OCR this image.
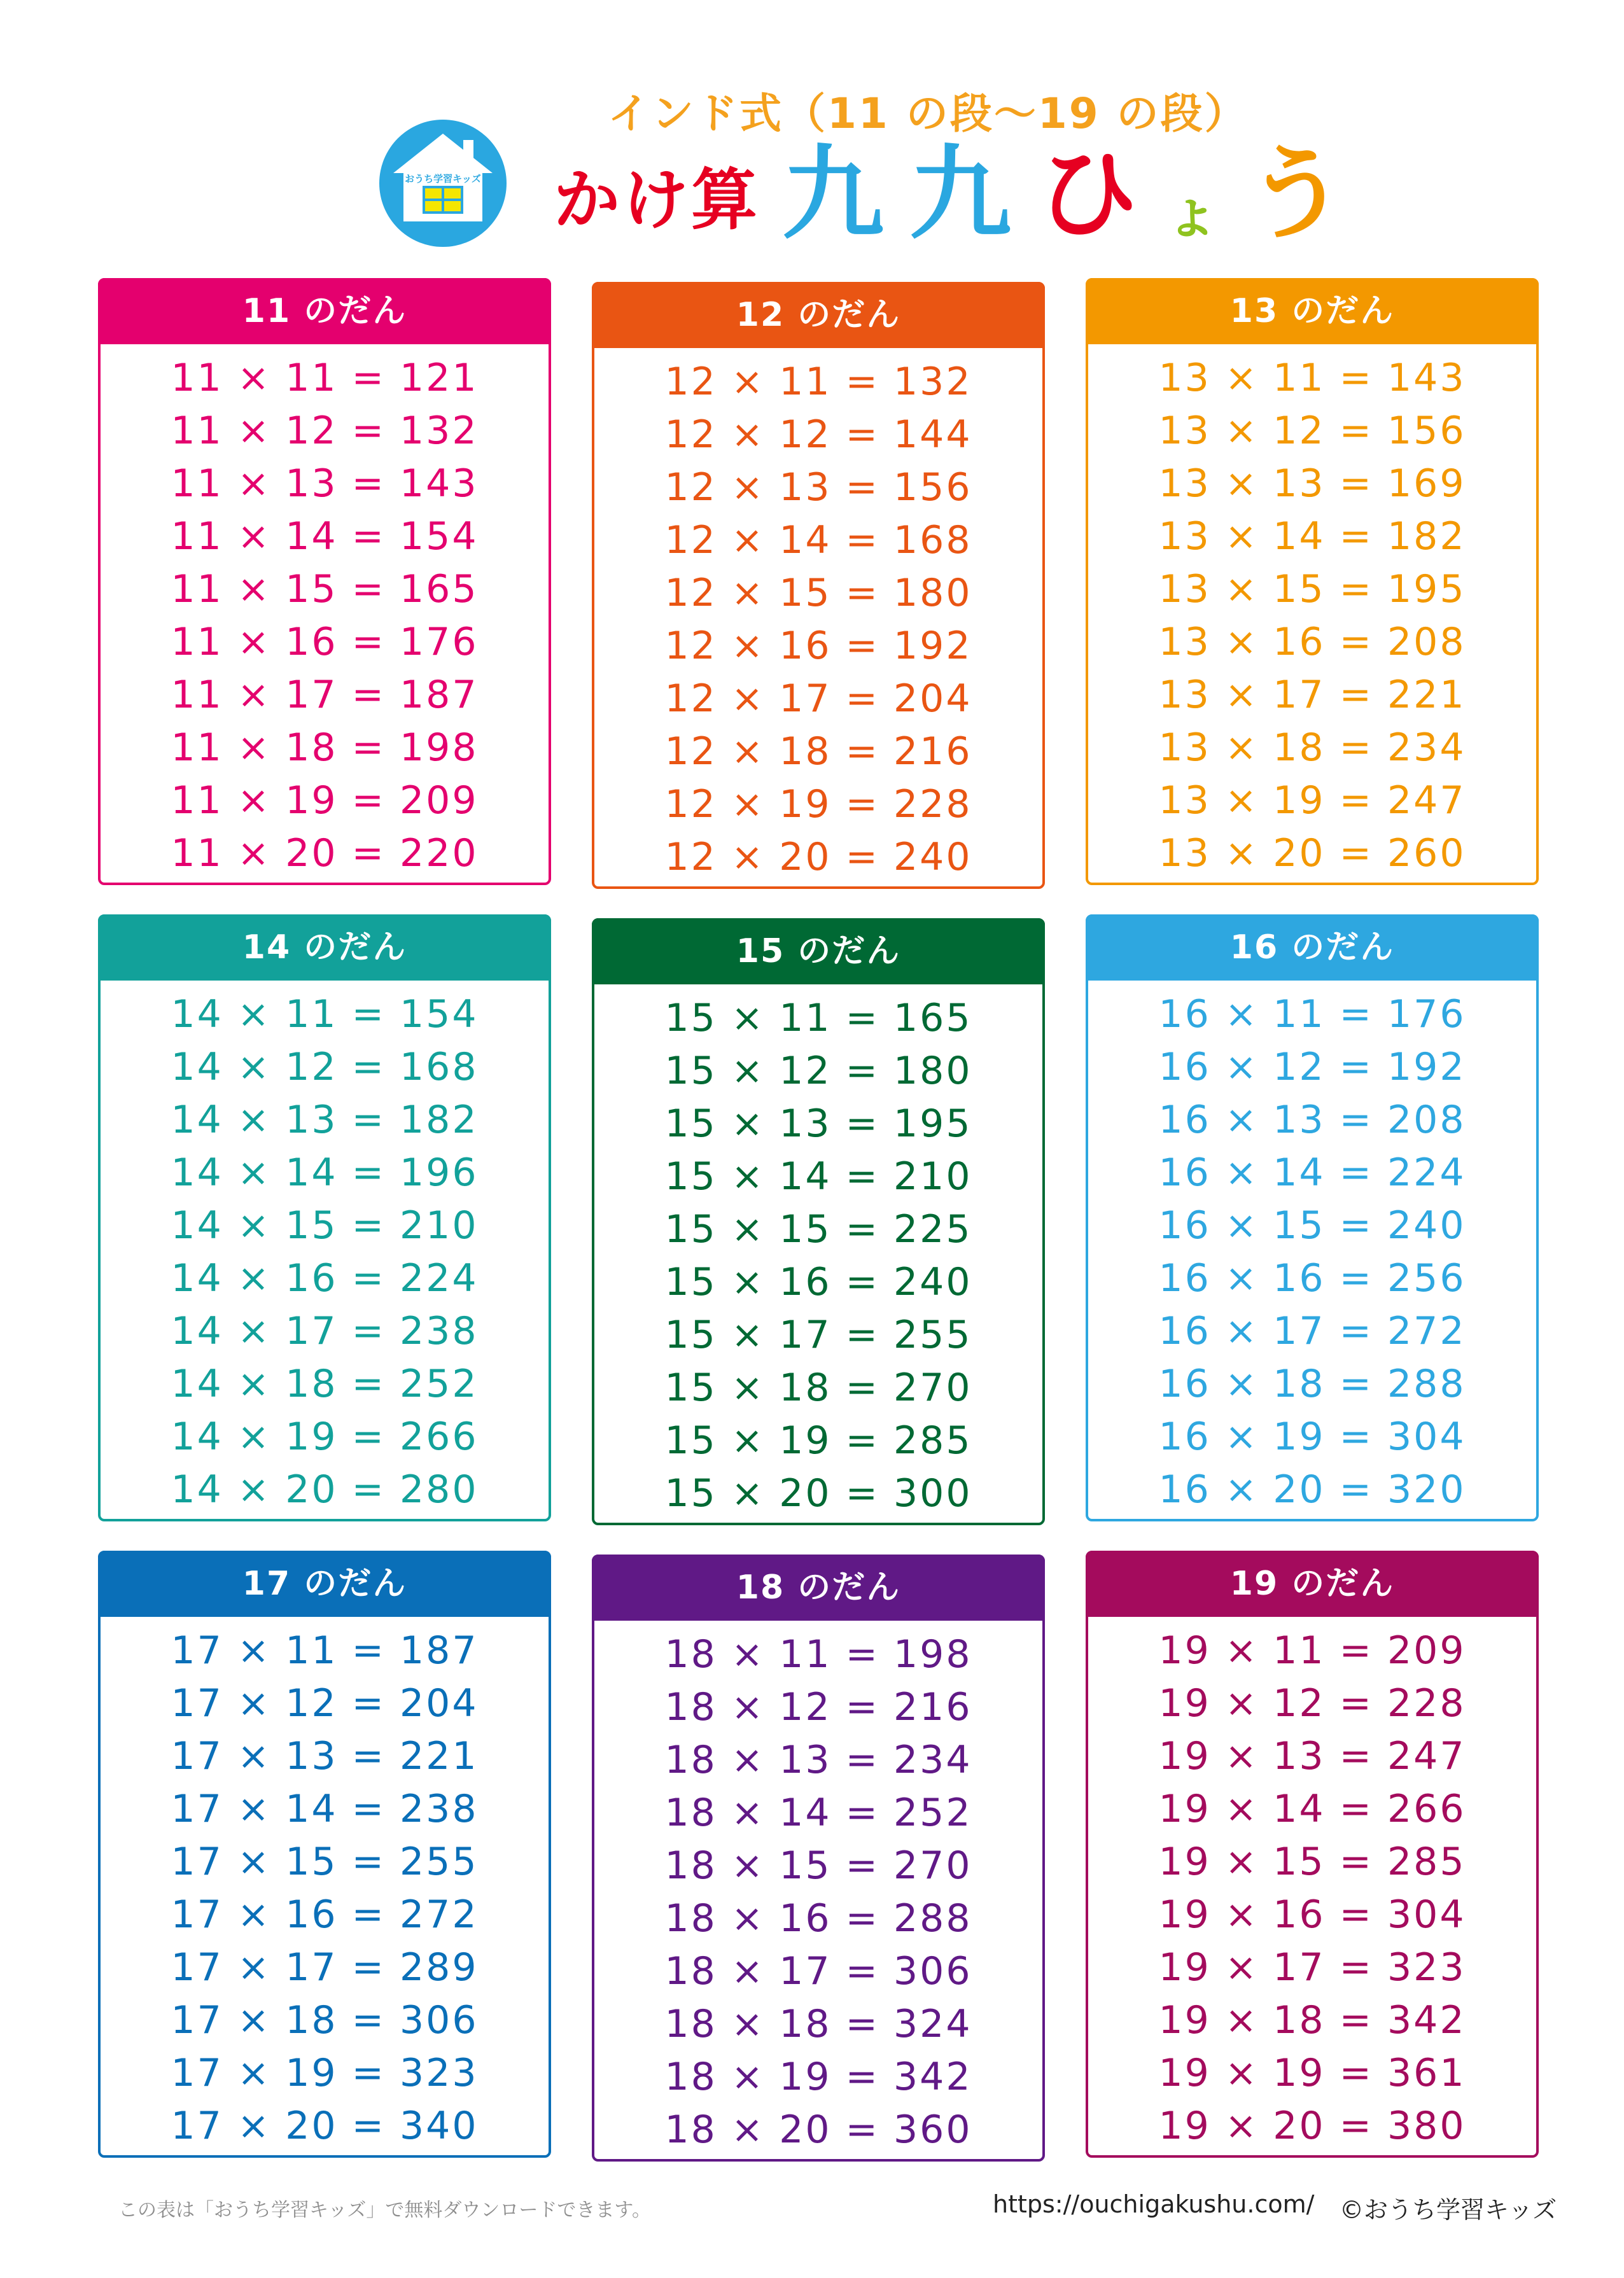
おうち学習キッズ
インド式（11 の段〜19 の段）
かけ算 九 九 ひ ょ う
11 のだん
11 × 11 = 121
11 × 12 = 132
11 × 13 = 143
11 × 14 = 154
11 × 15 = 165
11 × 16 = 176
11 × 17 = 187
11 × 18 = 198
11 × 19 = 209
11 × 20 = 220
12 のだん
12 × 11 = 132
12 × 12 = 144
12 × 13 = 156
12 × 14 = 168
12 × 15 = 180
12 × 16 = 192
12 × 17 = 204
12 × 18 = 216
12 × 19 = 228
12 × 20 = 240
13 のだん
13 × 11 = 143
13 × 12 = 156
13 × 13 = 169
13 × 14 = 182
13 × 15 = 195
13 × 16 = 208
13 × 17 = 221
13 × 18 = 234
13 × 19 = 247
13 × 20 = 260
14 のだん
14 × 11 = 154
14 × 12 = 168
14 × 13 = 182
14 × 14 = 196
14 × 15 = 210
14 × 16 = 224
14 × 17 = 238
14 × 18 = 252
14 × 19 = 266
14 × 20 = 280
15 のだん
15 × 11 = 165
15 × 12 = 180
15 × 13 = 195
15 × 14 = 210
15 × 15 = 225
15 × 16 = 240
15 × 17 = 255
15 × 18 = 270
15 × 19 = 285
15 × 20 = 300
16 のだん
16 × 11 = 176
16 × 12 = 192
16 × 13 = 208
16 × 14 = 224
16 × 15 = 240
16 × 16 = 256
16 × 17 = 272
16 × 18 = 288
16 × 19 = 304
16 × 20 = 320
17 のだん
17 × 11 = 187
17 × 12 = 204
17 × 13 = 221
17 × 14 = 238
17 × 15 = 255
17 × 16 = 272
17 × 17 = 289
17 × 18 = 306
17 × 19 = 323
17 × 20 = 340
18 のだん
18 × 11 = 198
18 × 12 = 216
18 × 13 = 234
18 × 14 = 252
18 × 15 = 270
18 × 16 = 288
18 × 17 = 306
18 × 18 = 324
18 × 19 = 342
18 × 20 = 360
19 のだん
19 × 11 = 209
19 × 12 = 228
19 × 13 = 247
19 × 14 = 266
19 × 15 = 285
19 × 16 = 304
19 × 17 = 323
19 × 18 = 342
19 × 19 = 361
19 × 20 = 380
この表は「おうち学習キッズ」で無料ダウンロードできます。	https://ouchigakushu.com/ ©おうち学習キッズ
